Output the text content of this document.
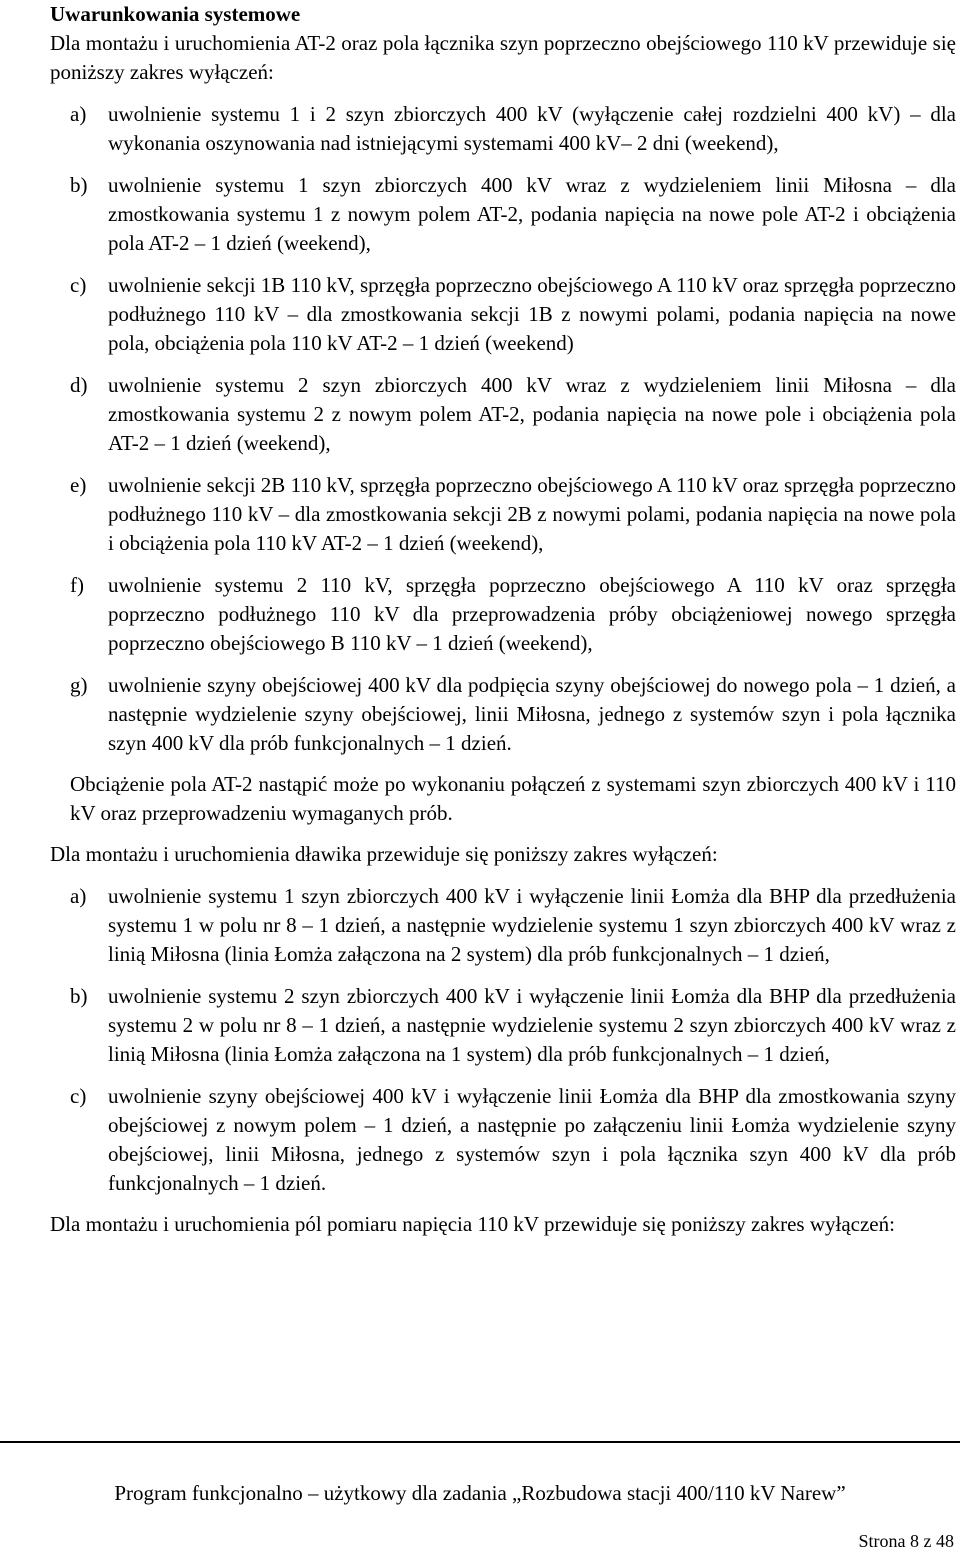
Uwarunkowania systemowe

Dla montażu i uruchomienia AT-2 oraz pola łącznika szyn poprzeczno obejściowego 110 kV przewiduje się poniższy zakres wyłączeń:

a) uwolnienie systemu 1 i 2 szyn zbiorczych 400 kV (wyłączenie całej rozdzielni 400 kV) – dla wykonania oszynowania nad istniejącymi systemami 400 kV– 2 dni (weekend),
b) uwolnienie systemu 1 szyn zbiorczych 400 kV wraz z wydzieleniem linii Miłosna – dla zmostkowania systemu 1 z nowym polem AT-2, podania napięcia na nowe pole AT-2 i obciążenia pola AT-2 – 1 dzień (weekend),
c) uwolnienie sekcji 1B 110 kV, sprzęgła poprzeczno obejściowego A 110 kV oraz sprzęgła poprzeczno podłużnego 110 kV – dla zmostkowania sekcji 1B z nowymi polami, podania napięcia na nowe pola, obciążenia pola 110 kV AT-2 – 1 dzień (weekend)
d) uwolnienie systemu 2 szyn zbiorczych 400 kV wraz z wydzieleniem linii Miłosna – dla zmostkowania systemu 2 z nowym polem AT-2, podania napięcia na nowe pole i obciążenia pola AT-2 – 1 dzień (weekend),
e) uwolnienie sekcji 2B 110 kV, sprzęgła poprzeczno obejściowego A 110 kV oraz sprzęgła poprzeczno podłużnego 110 kV – dla zmostkowania sekcji 2B z nowymi polami, podania napięcia na nowe pola i obciążenia pola 110 kV AT-2 – 1 dzień (weekend),
f) uwolnienie systemu 2 110 kV, sprzęgła poprzeczno obejściowego A 110 kV oraz sprzęgła poprzeczno podłużnego 110 kV dla przeprowadzenia próby obciążeniowej nowego sprzęgła poprzeczno obejściowego B 110 kV – 1 dzień (weekend),
g) uwolnienie szyny obejściowej 400 kV dla podpięcia szyny obejściowej do nowego pola – 1 dzień, a następnie wydzielenie szyny obejściowej, linii Miłosna, jednego z systemów szyn i pola łącznika szyn 400 kV dla prób funkcjonalnych – 1 dzień.

Obciążenie pola AT-2 nastąpić może po wykonaniu połączeń z systemami szyn zbiorczych 400 kV i 110 kV oraz przeprowadzeniu wymaganych prób.

Dla montażu i uruchomienia dławika przewiduje się poniższy zakres wyłączeń:

a) uwolnienie systemu 1 szyn zbiorczych 400 kV i wyłączenie linii Łomża dla BHP dla przedłużenia systemu 1 w polu nr 8 – 1 dzień, a następnie wydzielenie systemu 1 szyn zbiorczych 400 kV wraz z linią Miłosna (linia Łomża załączona na 2 system) dla prób funkcjonalnych – 1 dzień,
b) uwolnienie systemu 2 szyn zbiorczych 400 kV i wyłączenie linii Łomża dla BHP dla przedłużenia systemu 2 w polu nr 8 – 1 dzień, a następnie wydzielenie systemu 2 szyn zbiorczych 400 kV wraz z linią Miłosna (linia Łomża załączona na 1 system) dla prób funkcjonalnych – 1 dzień,
c) uwolnienie szyny obejściowej 400 kV i wyłączenie linii Łomża dla BHP dla zmostkowania szyny obejściowej z nowym polem – 1 dzień, a następnie po załączeniu linii Łomża wydzielenie szyny obejściowej, linii Miłosna, jednego z systemów szyn i pola łącznika szyn 400 kV dla prób funkcjonalnych – 1 dzień.

Dla montażu i uruchomienia pól pomiaru napięcia 110 kV przewiduje się poniższy zakres wyłączeń:

Program funkcjonalno – użytkowy dla zadania „Rozbudowa stacji 400/110 kV Narew”
Strona 8 z 48
